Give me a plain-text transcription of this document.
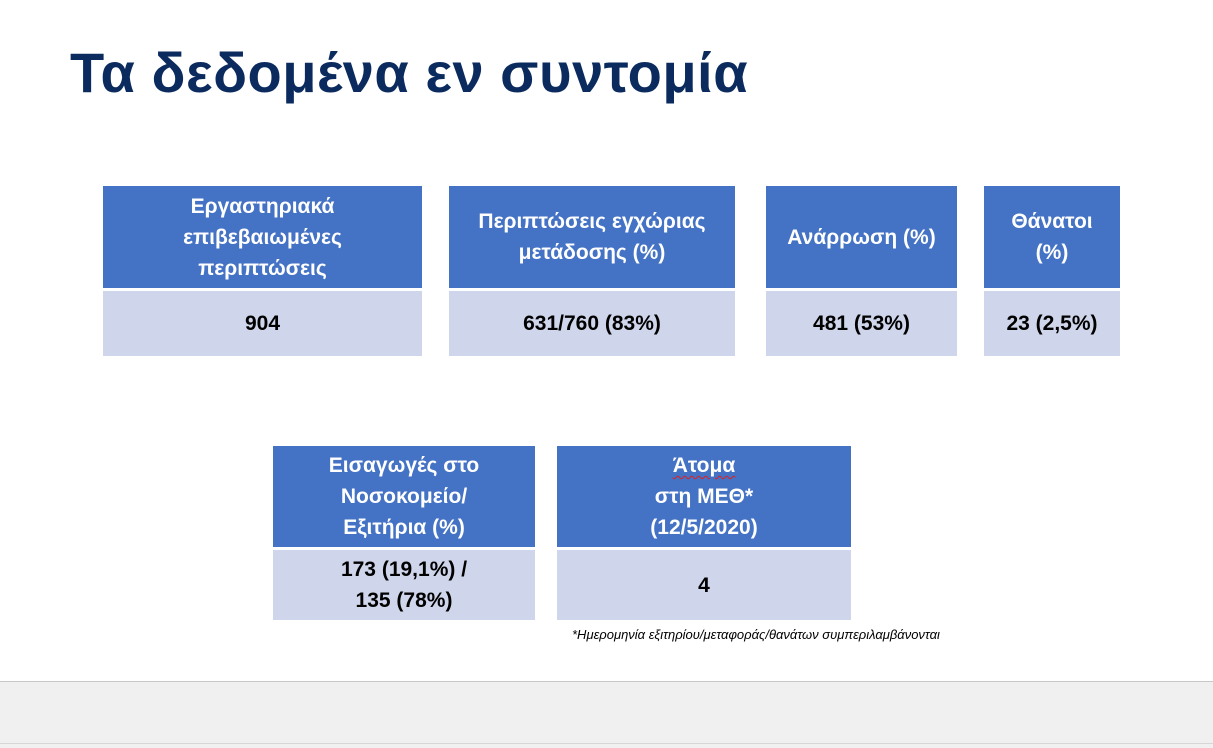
Τα δεδομένα εν συντομία
Εργαστηριακά
επιβεβαιωμένες
περιπτώσεις
904
Περιπτώσεις εγχώριας
μετάδοσης (%)
631/760 (83%)
Ανάρρωση (%)
481 (53%)
Θάνατοι
(%)
23 (2,5%)
Εισαγωγές στο
Νοσοκομείο/
Εξιτήρια (%)
173 (19,1%) /
135 (78%)
Άτομα
στη ΜΕΘ*
(12/5/2020)
4
*Ημερομηνία εξιτηρίου/μεταφοράς/θανάτων συμπεριλαμβάνονται
